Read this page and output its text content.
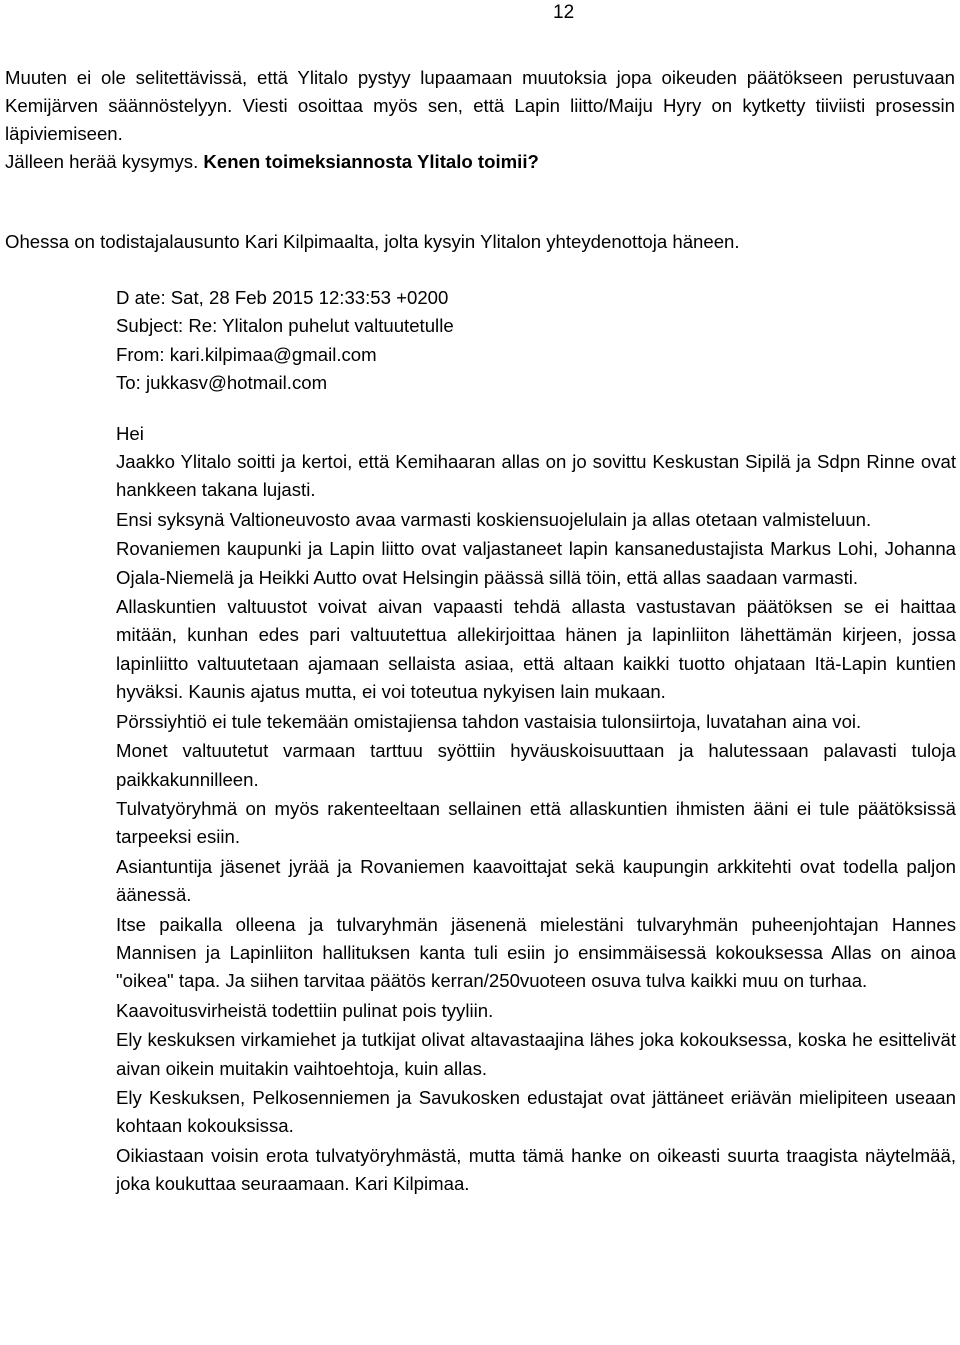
12

Muuten ei ole selitettävissä, että Ylitalo pystyy lupaamaan muutoksia jopa oikeuden päätökseen perustuvaan Kemijärven säännöstelyyn. Viesti osoittaa myös sen, että Lapin liitto/Maiju Hyry on kytketty tiiviisti prosessin läpiviemiseen.

Jälleen herää kysymys. Kenen toimeksiannosta Ylitalo toimii?

Ohessa on todistajalausunto Kari Kilpimaalta, jolta kysyin Ylitalon yhteydenottoja häneen.

D ate: Sat, 28 Feb 2015 12:33:53 +0200

Subject: Re: Ylitalon puhelut valtuutetulle

From: kari.kilpimaa@gmail.com

To: jukkasv@hotmail.com

Hei

Jaakko Ylitalo soitti ja kertoi, että Kemihaaran allas on jo sovittu Keskustan Sipilä ja Sdpn Rinne ovat hankkeen takana lujasti.

Ensi syksynä Valtioneuvosto avaa varmasti koskiensuojelulain ja allas otetaan valmisteluun.

Rovaniemen kaupunki ja Lapin liitto ovat valjastaneet lapin kansanedustajista Markus Lohi, Johanna Ojala-Niemelä ja Heikki Autto ovat Helsingin päässä sillä töin, että allas saadaan varmasti.

Allaskuntien valtuustot voivat aivan vapaasti tehdä allasta vastustavan päätöksen se ei haittaa mitään, kunhan edes pari valtuutettua allekirjoittaa hänen ja lapinliiton lähettämän kirjeen, jossa lapinliitto valtuutetaan ajamaan sellaista asiaa, että altaan kaikki tuotto ohjataan Itä-Lapin kuntien hyväksi. Kaunis ajatus mutta, ei voi toteutua nykyisen lain mukaan.

Pörssiyhtiö ei tule tekemään omistajiensa tahdon vastaisia tulonsiirtoja, luvatahan aina voi.

Monet valtuutetut varmaan tarttuu syöttiin hyväuskoisuuttaan ja halutessaan palavasti tuloja paikkakunnilleen.

Tulvatyöryhmä on myös rakenteeltaan sellainen että allaskuntien ihmisten ääni ei tule päätöksissä tarpeeksi esiin.

Asiantuntija jäsenet jyrää ja Rovaniemen kaavoittajat sekä kaupungin arkkitehti ovat todella paljon äänessä.

Itse paikalla olleena ja tulvaryhmän jäsenenä mielestäni tulvaryhmän puheenjohtajan Hannes Mannisen ja Lapinliiton hallituksen kanta tuli esiin jo ensimmäisessä kokouksessa Allas on ainoa "oikea" tapa. Ja siihen tarvitaa päätös kerran/250vuoteen osuva tulva kaikki muu on turhaa.

Kaavoitusvirheistä todettiin pulinat pois tyyliin.

Ely keskuksen virkamiehet ja tutkijat olivat altavastaajina lähes joka kokouksessa, koska he esittelivät aivan oikein muitakin vaihtoehtoja, kuin allas.

Ely Keskuksen, Pelkosenniemen ja Savukosken edustajat ovat jättäneet eriävän mielipiteen useaan kohtaan kokouksissa.

Oikiastaan voisin erota tulvatyöryhmästä, mutta tämä hanke on oikeasti suurta traagista näytelmää, joka koukuttaa seuraamaan. Kari Kilpimaa.
